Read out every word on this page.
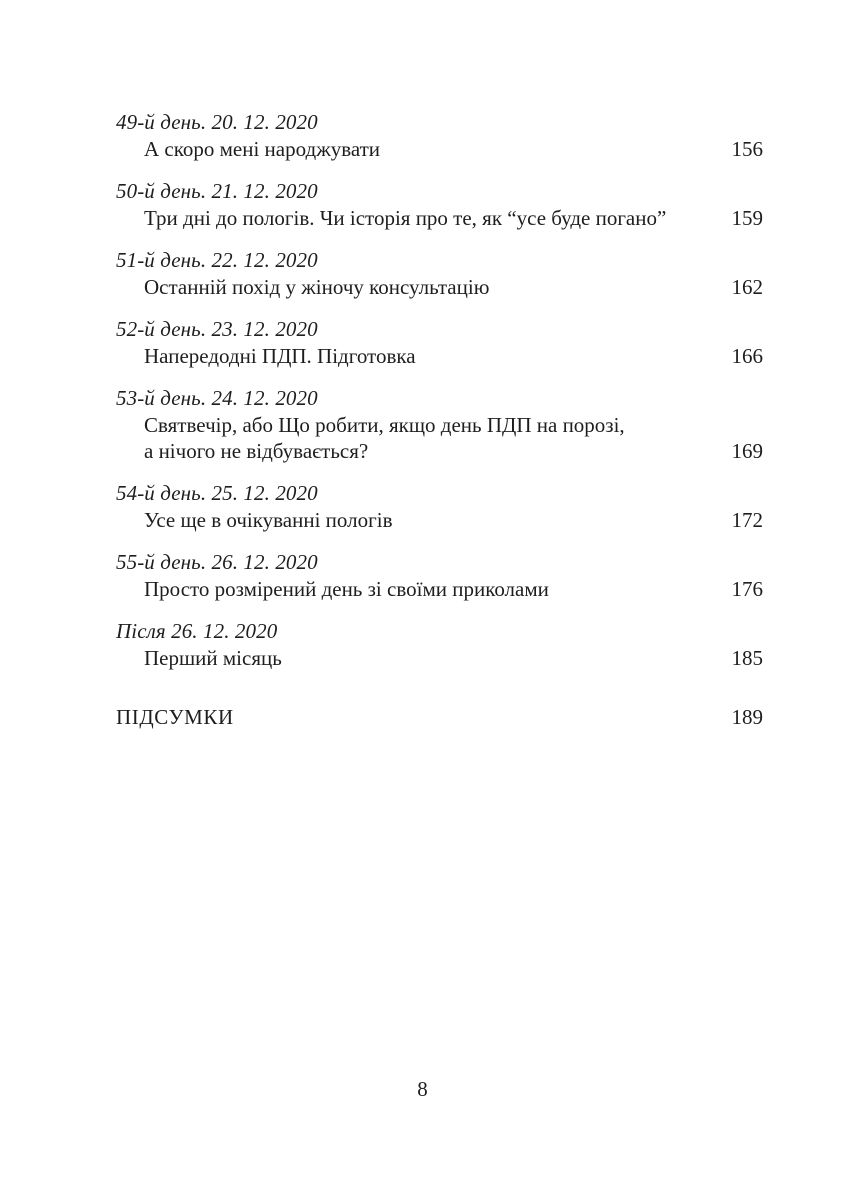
49-й день. 20. 12. 2020
А скоро мені народжувати	156
50-й день. 21. 12. 2020
Три дні до пологів. Чи історія про те, як “усе буде погано”	159
51-й день. 22. 12. 2020
Останній похід у жіночу консультацію	162
52-й день. 23. 12. 2020
Напередодні ПДП. Підготовка	166
53-й день. 24. 12. 2020
Святвечір, або Що робити, якщо день ПДП на порозі,
а нічого не відбувається?	169
54-й день. 25. 12. 2020
Усе ще в очікуванні пологів	172
55-й день. 26. 12. 2020
Просто розмірений день зі своїми приколами	176
Після 26. 12. 2020
Перший місяць	185
ПІДСУМКИ	189
8
